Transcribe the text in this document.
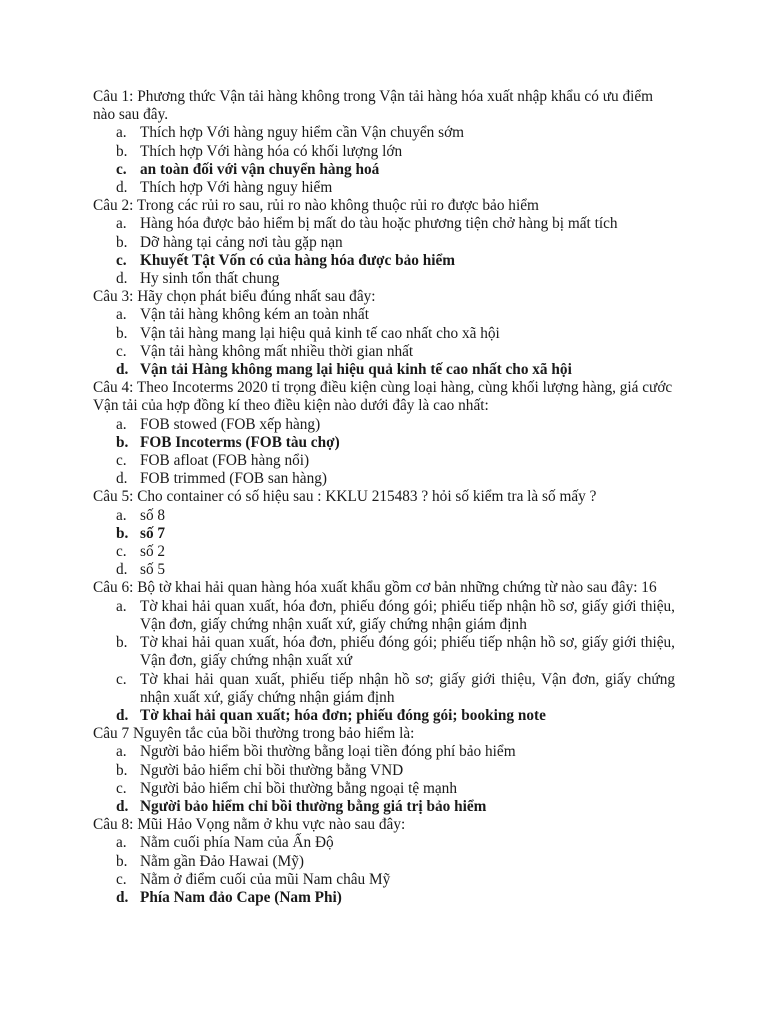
Câu 1: Phương thức Vận tải hàng không trong Vận tải hàng hóa xuất nhập khẩu có ưu điểm nào sau đây.

a. Thích hợp Với hàng nguy hiểm cần Vận chuyển sớm
b. Thích hợp Với hàng hóa có khối lượng lớn
c. an toàn đối với vận chuyển hàng hoá
d. Thích hợp Với hàng nguy hiểm

Câu 2: Trong các rủi ro sau, rủi ro nào không thuộc rủi ro được bảo hiểm

a. Hàng hóa được bảo hiểm bị mất do tàu hoặc phương tiện chở hàng bị mất tích
b. Dỡ hàng tại cảng nơi tàu gặp nạn
c. Khuyết Tật Vốn có của hàng hóa được bảo hiểm
d. Hy sinh tổn thất chung

Câu 3: Hãy chọn phát biểu đúng nhất sau đây:

a. Vận tải hàng không kém an toàn nhất
b. Vận tải hàng mang lại hiệu quả kinh tế cao nhất cho xã hội
c. Vận tải hàng không mất nhiều thời gian nhất
d. Vận tải Hàng không mang lại hiệu quả kinh tế cao nhất cho xã hội

Câu 4: Theo Incoterms 2020 tỉ trọng điều kiện cùng loại hàng, cùng khối lượng hàng, giá cước Vận tải của hợp đồng kí theo điều kiện nào dưới đây là cao nhất:

a. FOB stowed (FOB xếp hàng)
b. FOB Incoterms (FOB tàu chợ)
c. FOB afloat (FOB hàng nổi)
d. FOB trimmed (FOB san hàng)

Câu 5: Cho container có số hiệu sau : KKLU 215483 ? hỏi số kiểm tra là số mấy ?

a. số 8
b. số 7
c. số 2
d. số 5

Câu 6: Bộ tờ khai hải quan hàng hóa xuất khẩu gồm cơ bản những chứng từ nào sau đây: 16

a. Tờ khai hải quan xuất, hóa đơn, phiếu đóng gói; phiếu tiếp nhận hồ sơ, giấy giới thiệu, Vận đơn, giấy chứng nhận xuất xứ, giấy chứng nhận giám định
b. Tờ khai hải quan xuất, hóa đơn, phiếu đóng gói; phiếu tiếp nhận hồ sơ, giấy giới thiệu, Vận đơn, giấy chứng nhận xuất xứ
c. Tờ khai hải quan xuất, phiếu tiếp nhận hồ sơ; giấy giới thiệu, Vận đơn, giấy chứng nhận xuất xứ, giấy chứng nhận giám định
d. Tờ khai hải quan xuất; hóa đơn; phiếu đóng gói; booking note

Câu 7 Nguyên tắc của bồi thường trong bảo hiểm là:

a. Người bảo hiểm bồi thường bằng loại tiền đóng phí bảo hiểm
b. Người bảo hiểm chỉ bồi thường bằng VND
c. Người bảo hiểm chỉ bồi thường bằng ngoại tệ mạnh
d. Người bảo hiểm chỉ bồi thường bằng giá trị bảo hiểm

Câu 8: Mũi Hảo Vọng nằm ở khu vực nào sau đây:

a. Nằm cuối phía Nam của Ấn Độ
b. Nằm gần Đảo Hawai (Mỹ)
c. Nằm ở điểm cuối của mũi Nam châu Mỹ
d. Phía Nam đảo Cape (Nam Phi)
